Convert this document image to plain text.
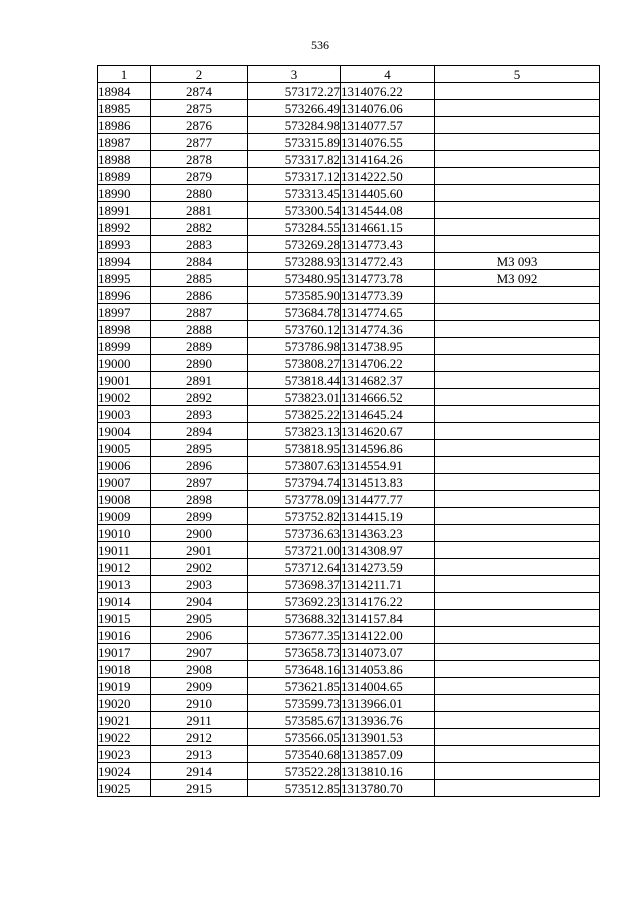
536
1	2	3	4	5
18984	2874	573172.27	1314076.22	
18985	2875	573266.49	1314076.06	
18986	2876	573284.98	1314077.57	
18987	2877	573315.89	1314076.55	
18988	2878	573317.82	1314164.26	
18989	2879	573317.12	1314222.50	
18990	2880	573313.45	1314405.60	
18991	2881	573300.54	1314544.08	
18992	2882	573284.55	1314661.15	
18993	2883	573269.28	1314773.43	
18994	2884	573288.93	1314772.43	МЗ 093
18995	2885	573480.95	1314773.78	МЗ 092
18996	2886	573585.90	1314773.39	
18997	2887	573684.78	1314774.65	
18998	2888	573760.12	1314774.36	
18999	2889	573786.98	1314738.95	
19000	2890	573808.27	1314706.22	
19001	2891	573818.44	1314682.37	
19002	2892	573823.01	1314666.52	
19003	2893	573825.22	1314645.24	
19004	2894	573823.13	1314620.67	
19005	2895	573818.95	1314596.86	
19006	2896	573807.63	1314554.91	
19007	2897	573794.74	1314513.83	
19008	2898	573778.09	1314477.77	
19009	2899	573752.82	1314415.19	
19010	2900	573736.63	1314363.23	
19011	2901	573721.00	1314308.97	
19012	2902	573712.64	1314273.59	
19013	2903	573698.37	1314211.71	
19014	2904	573692.23	1314176.22	
19015	2905	573688.32	1314157.84	
19016	2906	573677.35	1314122.00	
19017	2907	573658.73	1314073.07	
19018	2908	573648.16	1314053.86	
19019	2909	573621.85	1314004.65	
19020	2910	573599.73	1313966.01	
19021	2911	573585.67	1313936.76	
19022	2912	573566.05	1313901.53	
19023	2913	573540.68	1313857.09	
19024	2914	573522.28	1313810.16	
19025	2915	573512.85	1313780.70	
